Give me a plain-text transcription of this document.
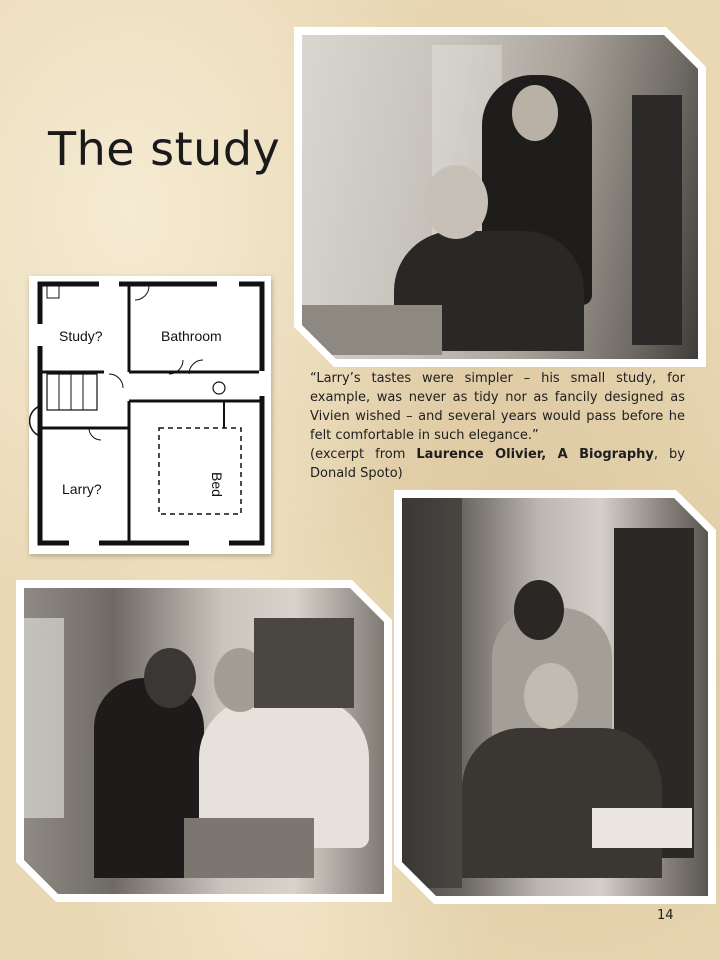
The study
Study?	Bathroom
Larry?	Bed

“Larry’s tastes were simpler – his small study, for example, was never as tidy nor as fancily designed as Vivien wished – and several years would pass before he felt comfortable in such elegance.”

(excerpt from Laurence Olivier, A Biography, by Donald Spoto)

14
